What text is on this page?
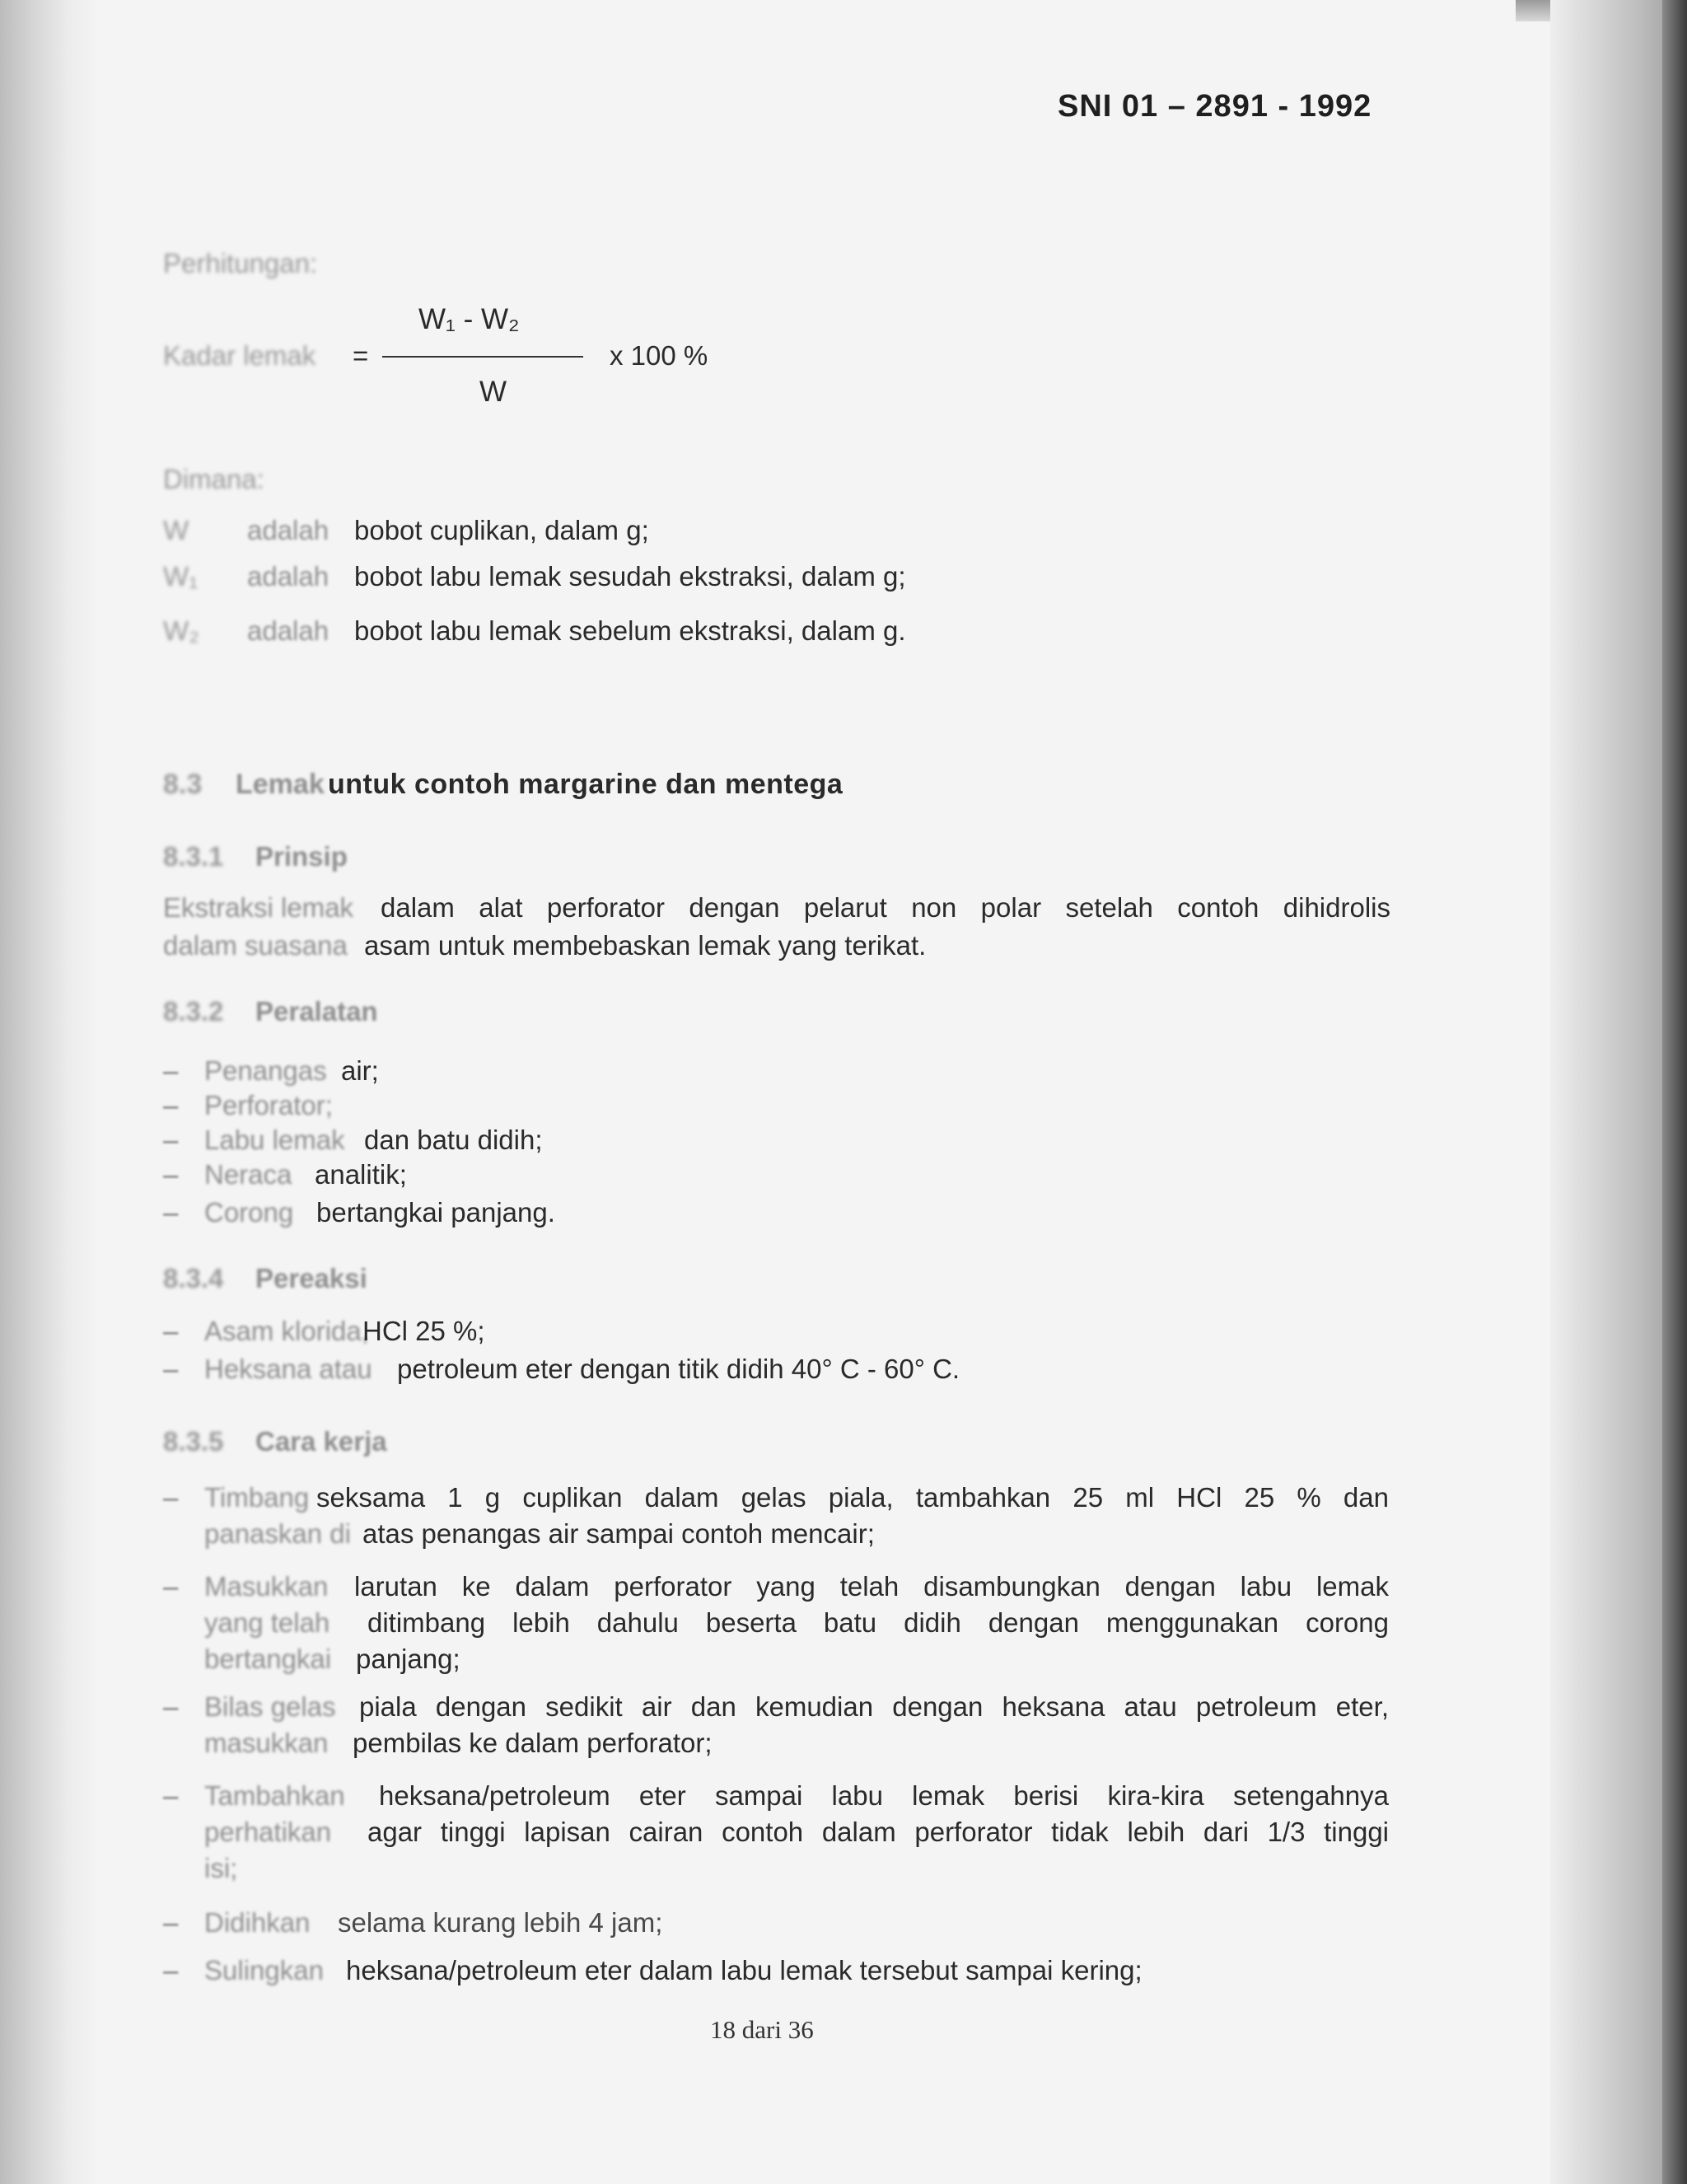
SNI 01 – 2891 - 1992
Perhitungan:
W₁ - W₂
Kadar lemak =	x 100 %
W
Dimana:
W adalah bobot cuplikan, dalam g;
W₁ adalah bobot labu lemak sesudah ekstraksi, dalam g;
W₂ adalah bobot labu lemak sebelum ekstraksi, dalam g.
8.3 Lemak untuk contoh margarine dan mentega
8.3.1 Prinsip
Ekstraksi lemak dalam alat perforator dengan pelarut non polar setelah contoh dihidrolis
dalam suasana asam untuk membebaskan lemak yang terikat.
8.3.2 Peralatan
– Penangas air;
– Perforator;
– Labu lemak dan batu didih;
– Neraca analitik;
– Corong bertangkai panjang.
8.3.4 Pereaksi
– Asam klorida,
HCl 25 %;
– Heksana atau petroleum eter dengan titik didih 40° C - 60° C.
8.3.5 Cara kerja
– Timbang seksama 1 g cuplikan dalam gelas piala, tambahkan 25 ml HCl 25 % dan
panaskan di atas penangas air sampai contoh mencair;
– Masukkan larutan ke dalam perforator yang telah disambungkan dengan labu lemak
yang telah ditimbang lebih dahulu beserta batu didih dengan menggunakan corong
bertangkai panjang;
– Bilas gelas piala dengan sedikit air dan kemudian dengan heksana atau petroleum eter,
masukkan pembilas ke dalam perforator;
– Tambahkan heksana/petroleum eter sampai labu lemak berisi kira-kira setengahnya
perhatikan agar tinggi lapisan cairan contoh dalam perforator tidak lebih dari 1/3 tinggi
isi;
– Didihkan selama kurang lebih 4 jam;
– Sulingkan heksana/petroleum eter dalam labu lemak tersebut sampai kering;
18 dari 36
